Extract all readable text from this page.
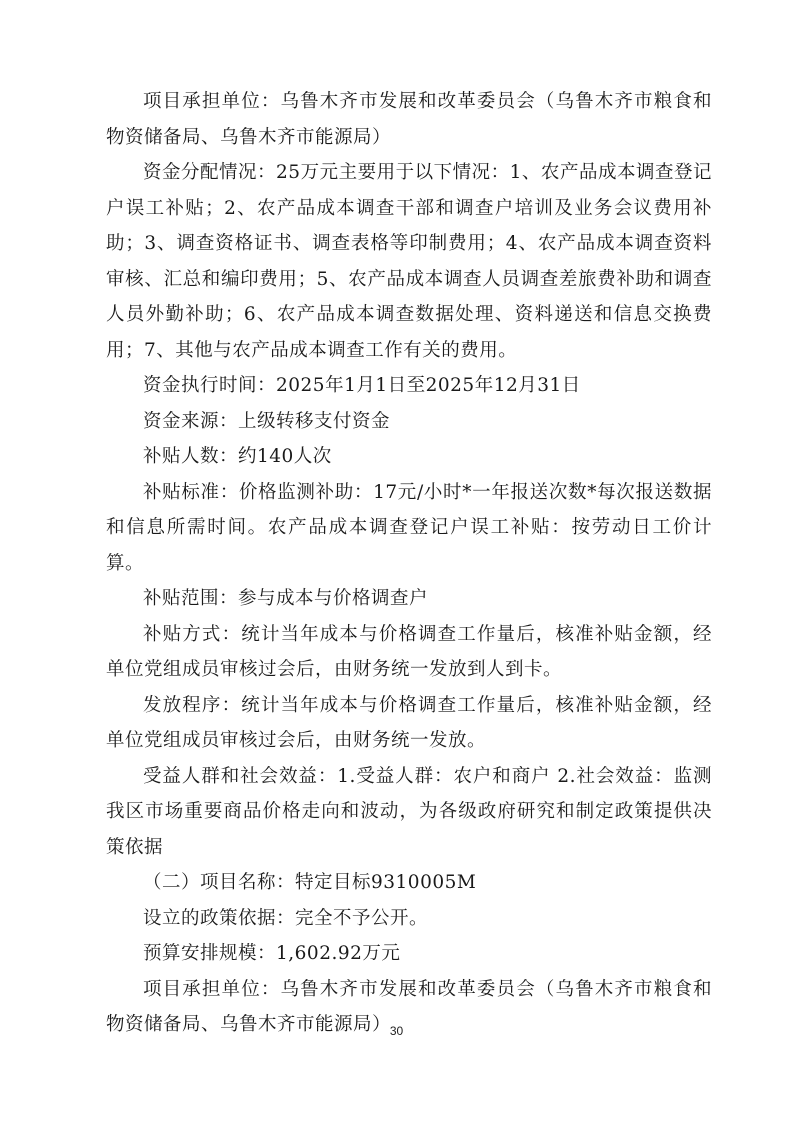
项目承担单位：乌鲁木齐市发展和改革委员会（乌鲁木齐市粮食和物资储备局、乌鲁木齐市能源局）

资金分配情况：25万元主要用于以下情况：1、农产品成本调查登记户误工补贴；2、农产品成本调查干部和调查户培训及业务会议费用补助；3、调查资格证书、调查表格等印制费用；4、农产品成本调查资料审核、汇总和编印费用；5、农产品成本调查人员调查差旅费补助和调查人员外勤补助；6、农产品成本调查数据处理、资料递送和信息交换费用；7、其他与农产品成本调查工作有关的费用。

资金执行时间：2025年1月1日至2025年12月31日

资金来源：上级转移支付资金

补贴人数：约140人次

补贴标准：价格监测补助：17元/小时*一年报送次数*每次报送数据和信息所需时间。农产品成本调查登记户误工补贴：按劳动日工价计算。

补贴范围：参与成本与价格调查户

补贴方式：统计当年成本与价格调查工作量后，核准补贴金额，经单位党组成员审核过会后，由财务统一发放到人到卡。

发放程序：统计当年成本与价格调查工作量后，核准补贴金额，经单位党组成员审核过会后，由财务统一发放。

受益人群和社会效益：1.受益人群：农户和商户 2.社会效益：监测我区市场重要商品价格走向和波动，为各级政府研究和制定政策提供决策依据

（二）项目名称：特定目标9310005M

设立的政策依据：完全不予公开。

预算安排规模：1,602.92万元

项目承担单位：乌鲁木齐市发展和改革委员会（乌鲁木齐市粮食和物资储备局、乌鲁木齐市能源局）

30
